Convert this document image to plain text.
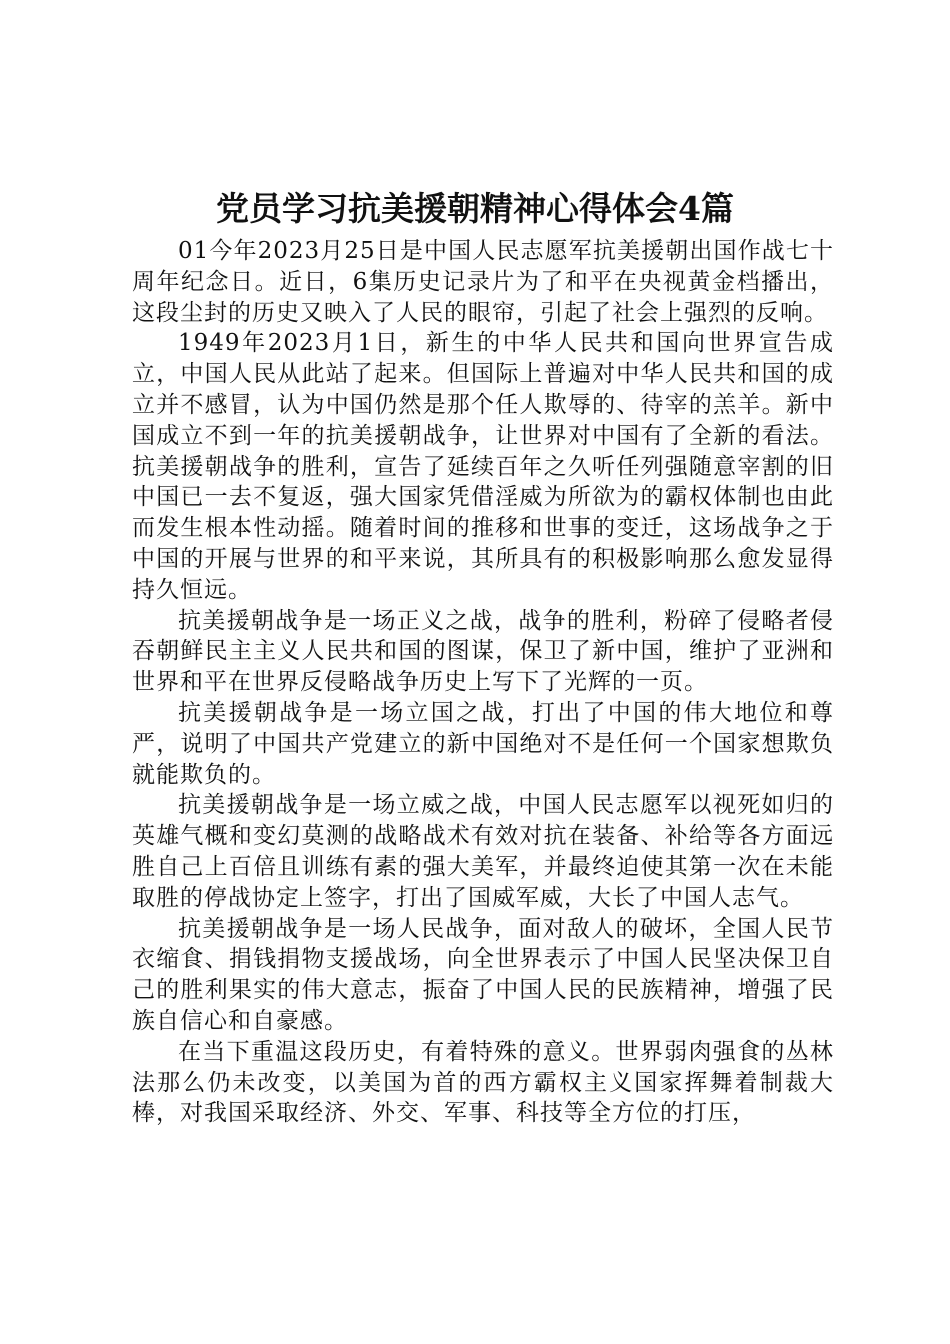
党员学习抗美援朝精神心得体会4篇

01今年2023月25日是中国人民志愿军抗美援朝出国作战七十周年纪念日。近日，6集历史记录片为了和平在央视黄金档播出，这段尘封的历史又映入了人民的眼帘，引起了社会上强烈的反响。

1949年2023月1日，新生的中华人民共和国向世界宣告成立，中国人民从此站了起来。但国际上普遍对中华人民共和国的成立并不感冒，认为中国仍然是那个任人欺辱的、待宰的羔羊。新中国成立不到一年的抗美援朝战争，让世界对中国有了全新的看法。抗美援朝战争的胜利，宣告了延续百年之久听任列强随意宰割的旧中国已一去不复返，强大国家凭借淫威为所欲为的霸权体制也由此而发生根本性动摇。随着时间的推移和世事的变迁，这场战争之于中国的开展与世界的和平来说，其所具有的积极影响那么愈发显得持久恒远。

抗美援朝战争是一场正义之战，战争的胜利，粉碎了侵略者侵吞朝鲜民主主义人民共和国的图谋，保卫了新中国，维护了亚洲和世界和平在世界反侵略战争历史上写下了光辉的一页。

抗美援朝战争是一场立国之战，打出了中国的伟大地位和尊严，说明了中国共产党建立的新中国绝对不是任何一个国家想欺负就能欺负的。

抗美援朝战争是一场立威之战，中国人民志愿军以视死如归的英雄气概和变幻莫测的战略战术有效对抗在装备、补给等各方面远胜自己上百倍且训练有素的强大美军，并最终迫使其第一次在未能取胜的停战协定上签字，打出了国威军威，大长了中国人志气。

抗美援朝战争是一场人民战争，面对敌人的破坏，全国人民节衣缩食、捐钱捐物支援战场，向全世界表示了中国人民坚决保卫自己的胜利果实的伟大意志，振奋了中国人民的民族精神，增强了民族自信心和自豪感。

在当下重温这段历史，有着特殊的意义。世界弱肉强食的丛林法那么仍未改变，以美国为首的西方霸权主义国家挥舞着制裁大棒，对我国采取经济、外交、军事、科技等全方位的打压，
